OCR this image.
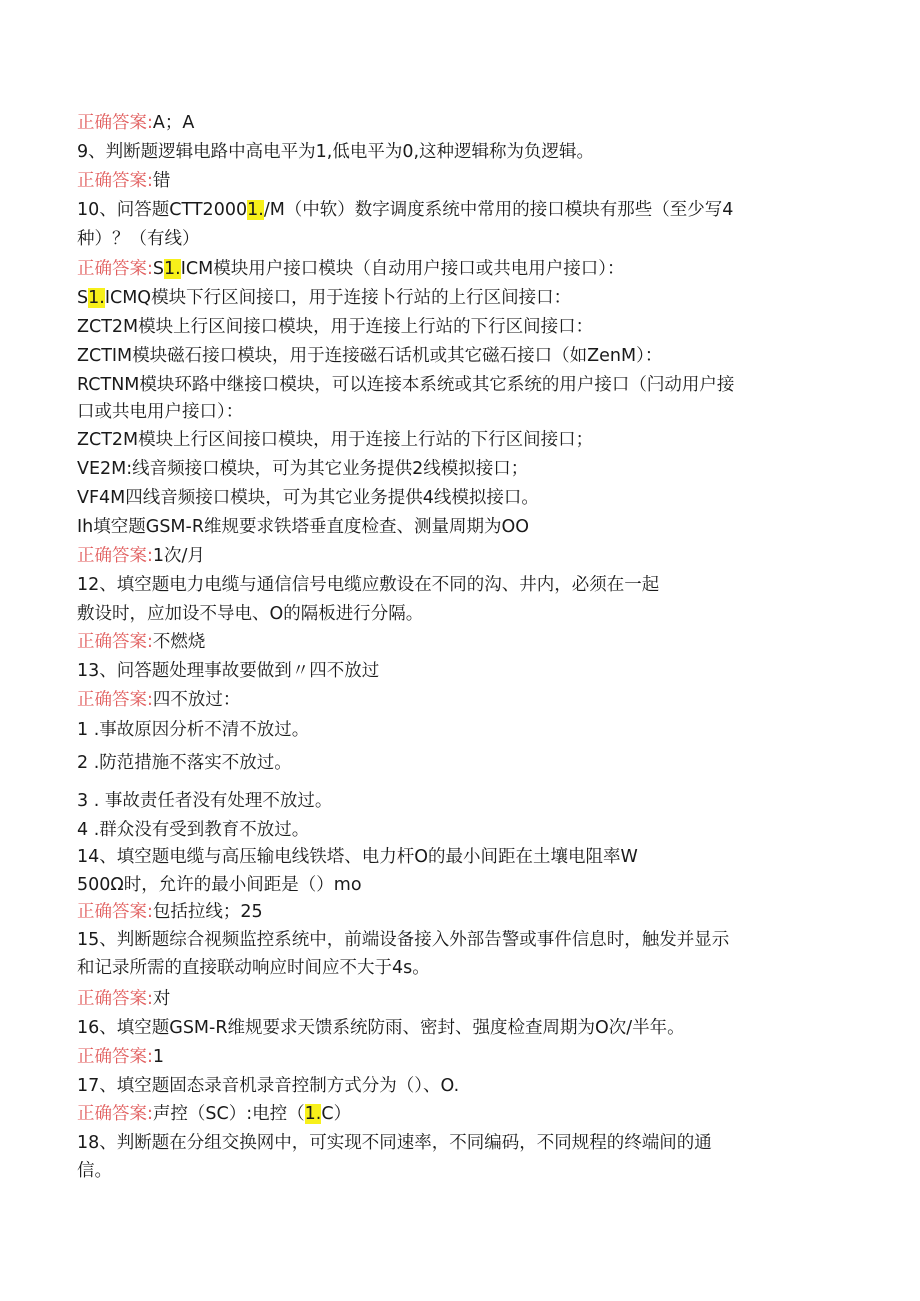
正确答案:A；A
9、判断题逻辑电路中高电平为1,低电平为0,这种逻辑称为负逻辑。
正确答案:错
10、问答题CTT20001./M（中软）数字调度系统中常用的接口模块有那些（至少写4
种）？（有线）
正确答案:S1.ICM模块用户接口模块（自动用户接口或共电用户接口）：
S1.ICMQ模块下行区间接口，用于连接卜行站的上行区间接口：
ZCT2M模块上行区间接口模块，用于连接上行站的下行区间接口：
ZCTIM模块磁石接口模块，用于连接磁石话机或其它磁石接口（如ZenM）：
RCTNM模块环路中继接口模块，可以连接本系统或其它系统的用户接口（闩动用户接
口或共电用户接口）：
ZCT2M模块上行区间接口模块，用于连接上行站的下行区间接口；
VE2M:线音频接口模块，可为其它业务提供2线模拟接口；
VF4M四线音频接口模块，可为其它业务提供4线模拟接口。
Ih填空题GSM-R维规要求铁塔垂直度检查、测量周期为OO
正确答案:1次/月
12、填空题电力电缆与通信信号电缆应敷设在不同的沟、井内，必须在一起
敷设时，应加设不导电、O的隔板进行分隔。
正确答案:不燃烧
13、问答题处理事故要做到〃四不放过
正确答案:四不放过：
1 .事故原因分析不清不放过。
2 .防范措施不落实不放过。
3 . 事故责任者没有处理不放过。
4 .群众没有受到教育不放过。
14、填空题电缆与高压输电线铁塔、电力杆O的最小间距在土壤电阻率W
500Ω时，允许的最小间距是（）mo
正确答案:包括拉线；25
15、判断题综合视频监控系统中，前端设备接入外部告警或事件信息时，触发并显示
和记录所需的直接联动响应时间应不大于4s。
正确答案:对
16、填空题GSM-R维规要求天馈系统防雨、密封、强度检查周期为O次/半年。
正确答案:1
17、填空题固态录音机录音控制方式分为（）、O.
正确答案:声控（SC）:电控（1.C）
18、判断题在分组交换网中，可实现不同速率，不同编码，不同规程的终端间的通
信。
